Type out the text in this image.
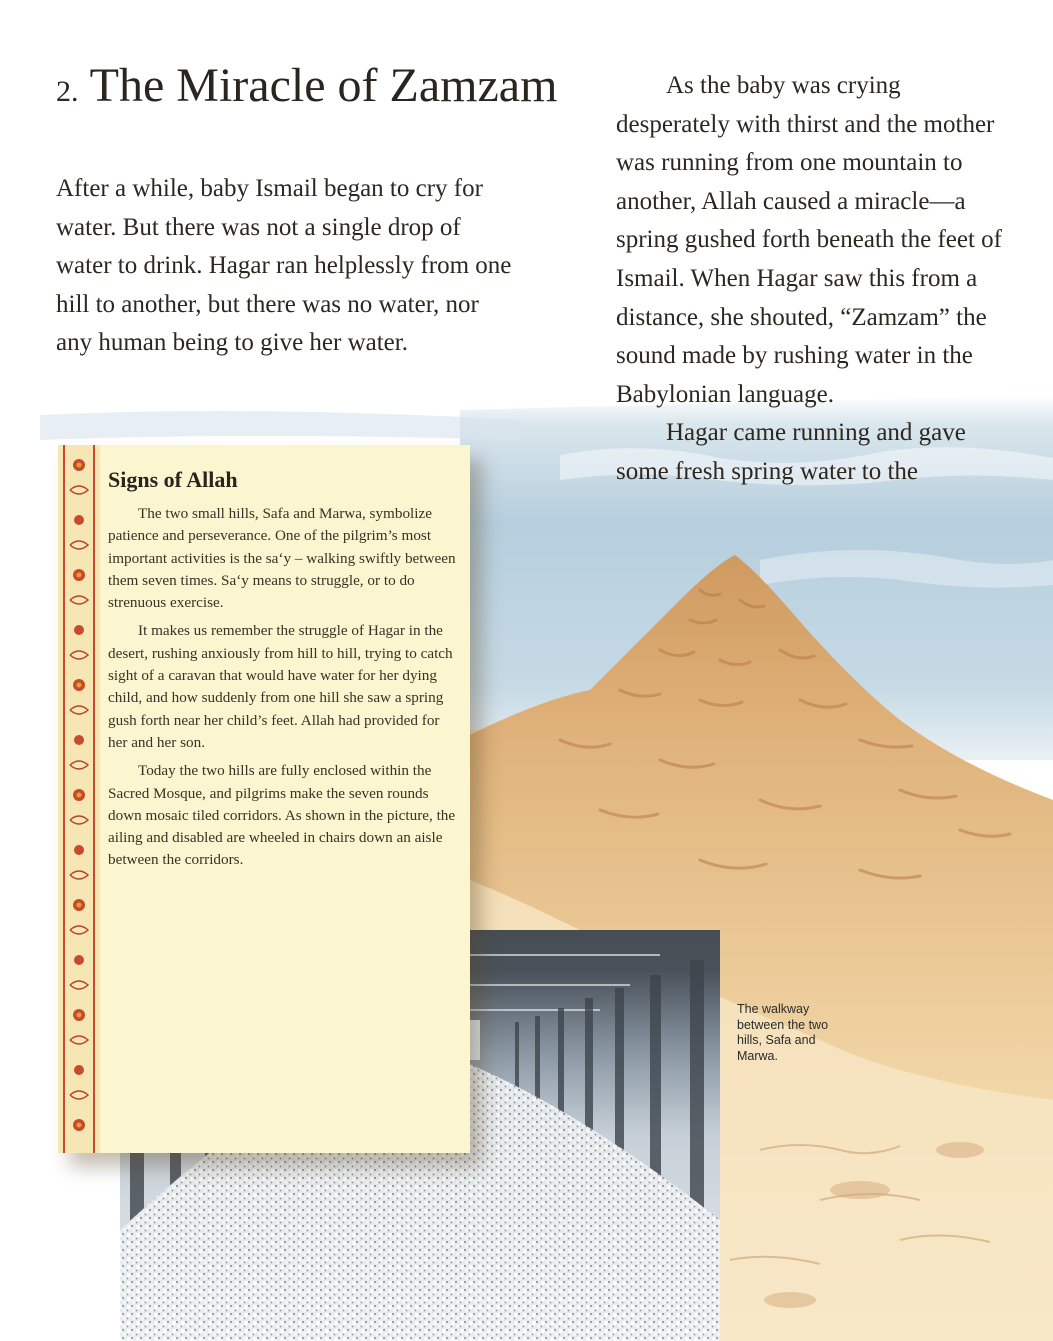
2. The Miracle of Zamzam

After a while, baby Ismail began to cry for water. But there was not a single drop of water to drink. Hagar ran helplessly from one hill to another, but there was no water, nor any human being to give her water.

As the baby was crying desperately with thirst and the mother was running from one mountain to another, Allah caused a miracle—a spring gushed forth beneath the feet of Ismail. When Hagar saw this from a distance, she shouted, “Zamzam” the sound made by rushing water in the Babylonian language.

Hagar came running and gave some fresh spring water to the

Signs of Allah

The two small hills, Safa and Marwa, symbolize patience and perseverance. One of the pilgrim’s most important activities is the sa‘y – walking swiftly between them seven times. Sa‘y means to struggle, or to do strenuous exercise.

It makes us remember the struggle of Hagar in the desert, rushing anxiously from hill to hill, trying to catch sight of a caravan that would have water for her dying child, and how suddenly from one hill she saw a spring gush forth near her child’s feet. Allah had provided for her and her son.

Today the two hills are fully enclosed within the Sacred Mosque, and pilgrims make the seven rounds down mosaic tiled corridors. As shown in the picture, the ailing and disabled are wheeled in chairs down an aisle between the corridors.

The walkway between the two hills, Safa and Marwa.
